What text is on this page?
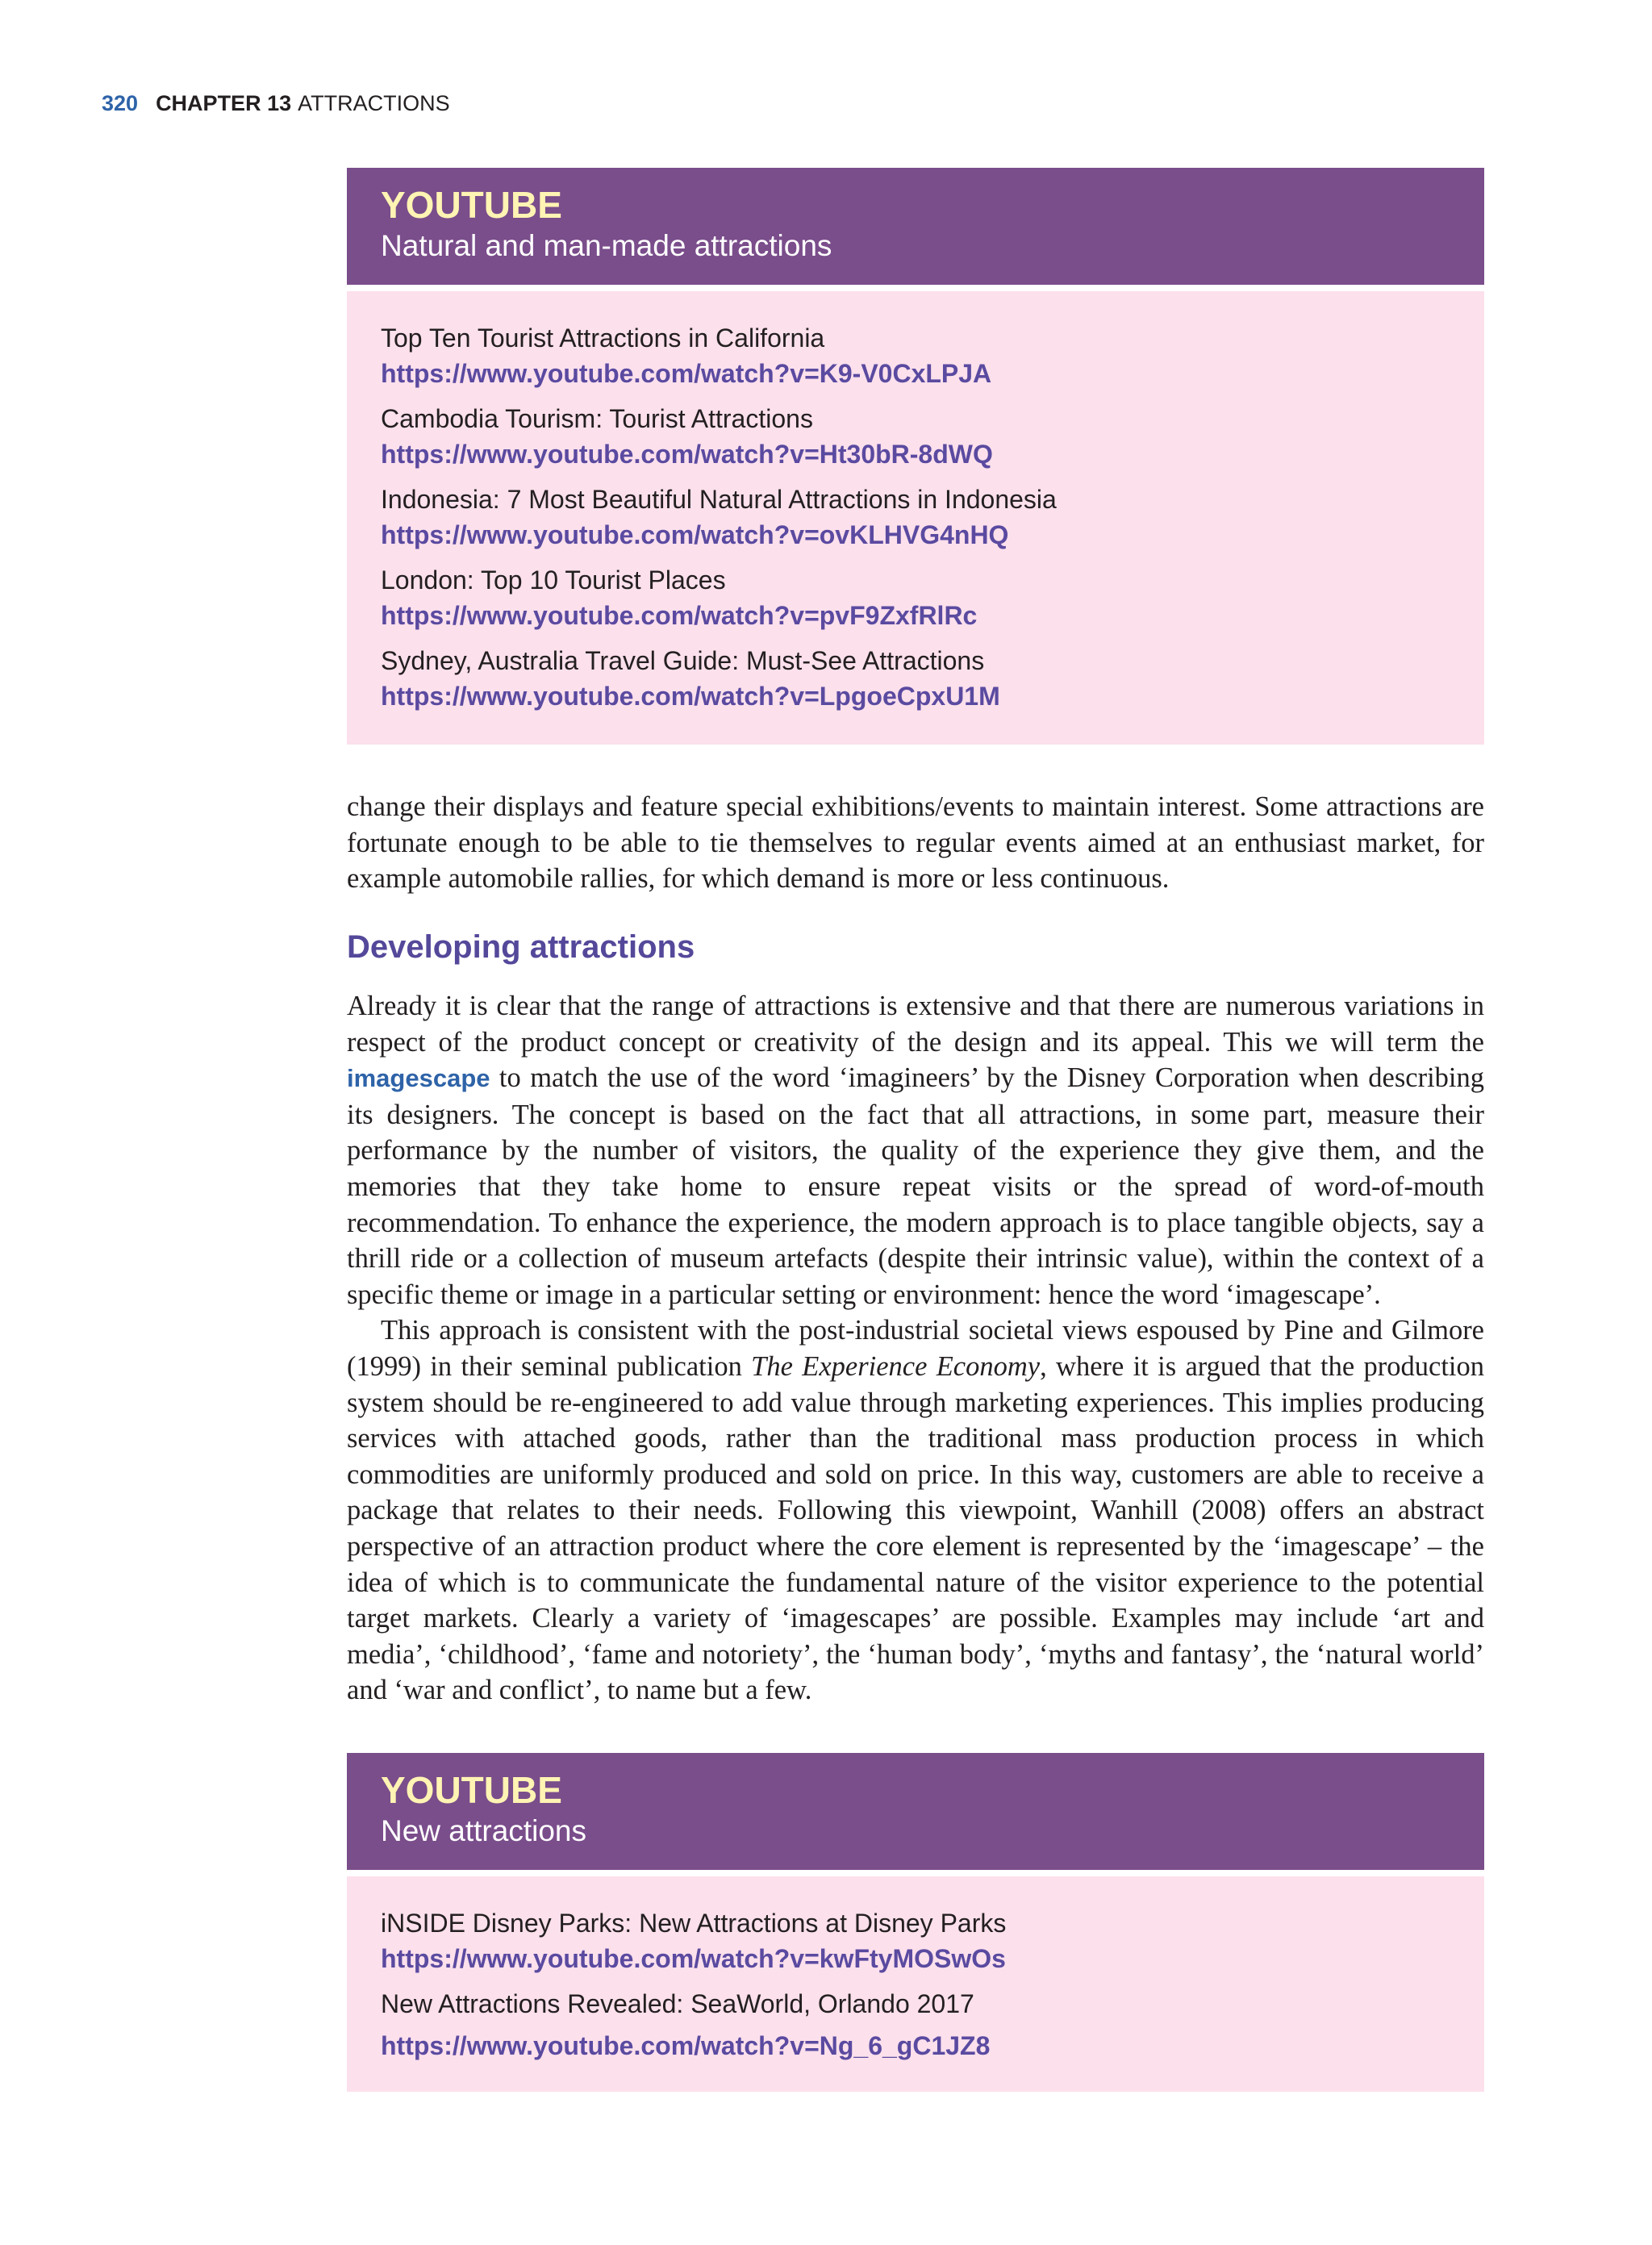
320 CHAPTER 13 ATTRACTIONS
YOUTUBE
Natural and man-made attractions
Top Ten Tourist Attractions in California
https://www.youtube.com/watch?v=K9-V0CxLPJA
Cambodia Tourism: Tourist Attractions
https://www.youtube.com/watch?v=Ht30bR-8dWQ
Indonesia: 7 Most Beautiful Natural Attractions in Indonesia
https://www.youtube.com/watch?v=ovKLHVG4nHQ
London: Top 10 Tourist Places
https://www.youtube.com/watch?v=pvF9ZxfRlRc
Sydney, Australia Travel Guide: Must-See Attractions
https://www.youtube.com/watch?v=LpgoeCpxU1M

change their displays and feature special exhibitions/events to maintain interest. Some attractions are fortunate enough to be able to tie themselves to regular events aimed at an enthusiast market, for example automobile rallies, for which demand is more or less continuous.

Developing attractions

Already it is clear that the range of attractions is extensive and that there are numerous variations in respect of the product concept or creativity of the design and its appeal. This we will term the imagescape to match the use of the word ‘imagineers’ by the Disney Corporation when describing its designers. The concept is based on the fact that all attractions, in some part, measure their performance by the number of visitors, the quality of the experience they give them, and the memories that they take home to ensure repeat visits or the spread of word-of-mouth recommendation. To enhance the experience, the modern approach is to place tangible objects, say a thrill ride or a collection of museum artefacts (despite their intrinsic value), within the context of a specific theme or image in a particular setting or environment: hence the word ‘imagescape’.

This approach is consistent with the post-industrial societal views espoused by Pine and Gilmore (1999) in their seminal publication The Experience Economy, where it is argued that the production system should be re-engineered to add value through marketing experiences. This implies producing services with attached goods, rather than the traditional mass production process in which commodities are uniformly produced and sold on price. In this way, customers are able to receive a package that relates to their needs. Following this viewpoint, Wanhill (2008) offers an abstract perspective of an attraction product where the core element is represented by the ‘imagescape’ – the idea of which is to communicate the fundamental nature of the visitor experience to the potential target markets. Clearly a variety of ‘imagescapes’ are possible. Examples may include ‘art and media’, ‘childhood’, ‘fame and notoriety’, the ‘human body’, ‘myths and fantasy’, the ‘natural world’ and ‘war and conflict’, to name but a few.

YOUTUBE
New attractions
iNSIDE Disney Parks: New Attractions at Disney Parks
https://www.youtube.com/watch?v=kwFtyMOSwOs
New Attractions Revealed: SeaWorld, Orlando 2017
https://www.youtube.com/watch?v=Ng_6_gC1JZ8
